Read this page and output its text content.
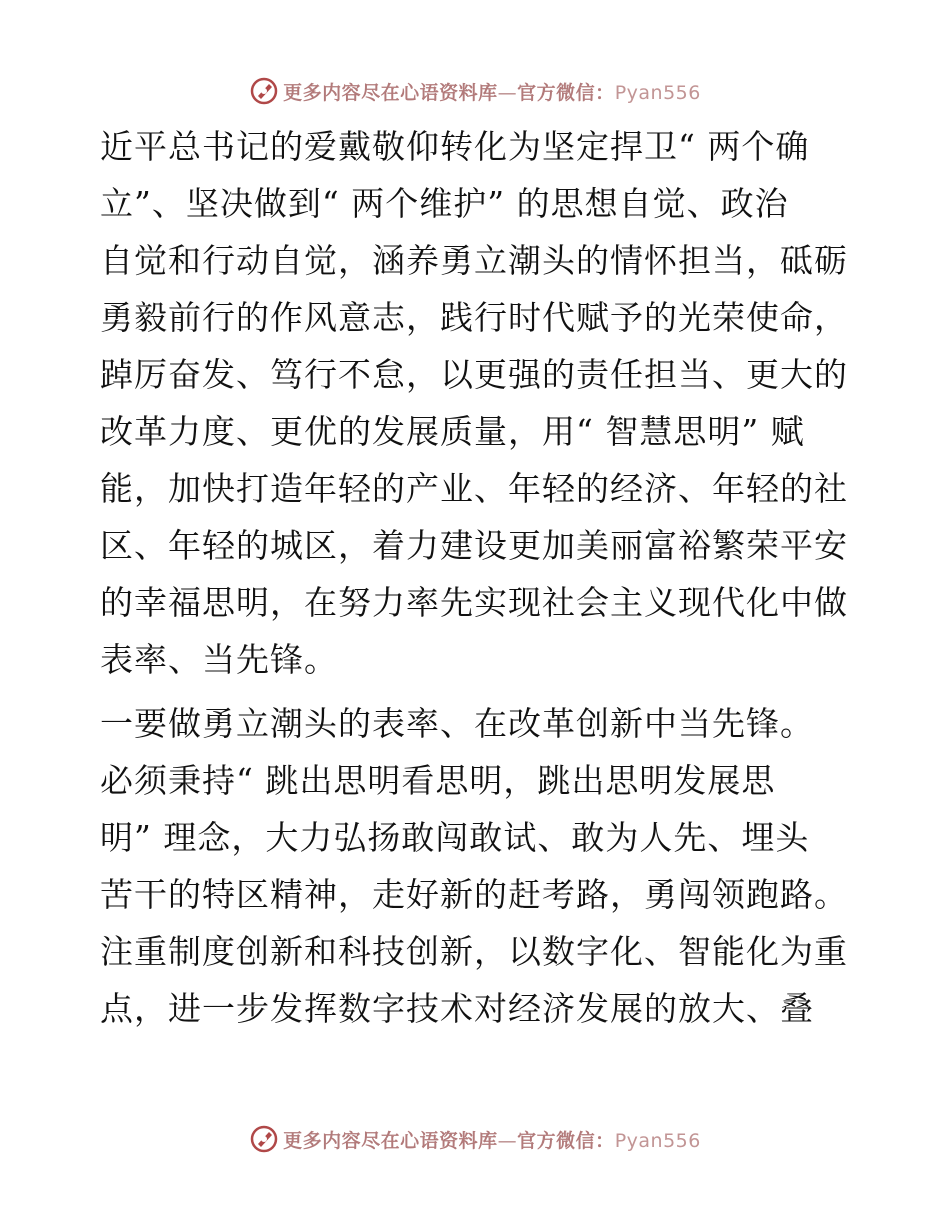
更多内容尽在心语资料库—官方微信：Pyan556
近平总书记的爱戴敬仰转化为坚定捍卫“ 两个确
立”、坚决做到“ 两个维护” 的思想自觉、政治
自觉和行动自觉，涵养勇立潮头的情怀担当，砥砺
勇毅前行的作风意志，践行时代赋予的光荣使命，
踔厉奋发、笃行不怠，以更强的责任担当、更大的
改革力度、更优的发展质量，用“ 智慧思明” 赋
能，加快打造年轻的产业、年轻的经济、年轻的社
区、年轻的城区，着力建设更加美丽富裕繁荣平安
的幸福思明，在努力率先实现社会主义现代化中做
表率、当先锋。
一要做勇立潮头的表率、在改革创新中当先锋。
必须秉持“ 跳出思明看思明，跳出思明发展思
明” 理念，大力弘扬敢闯敢试、敢为人先、埋头
苦干的特区精神，走好新的赶考路，勇闯领跑路。
注重制度创新和科技创新，以数字化、智能化为重
点，进一步发挥数字技术对经济发展的放大、叠
更多内容尽在心语资料库—官方微信：Pyan556
